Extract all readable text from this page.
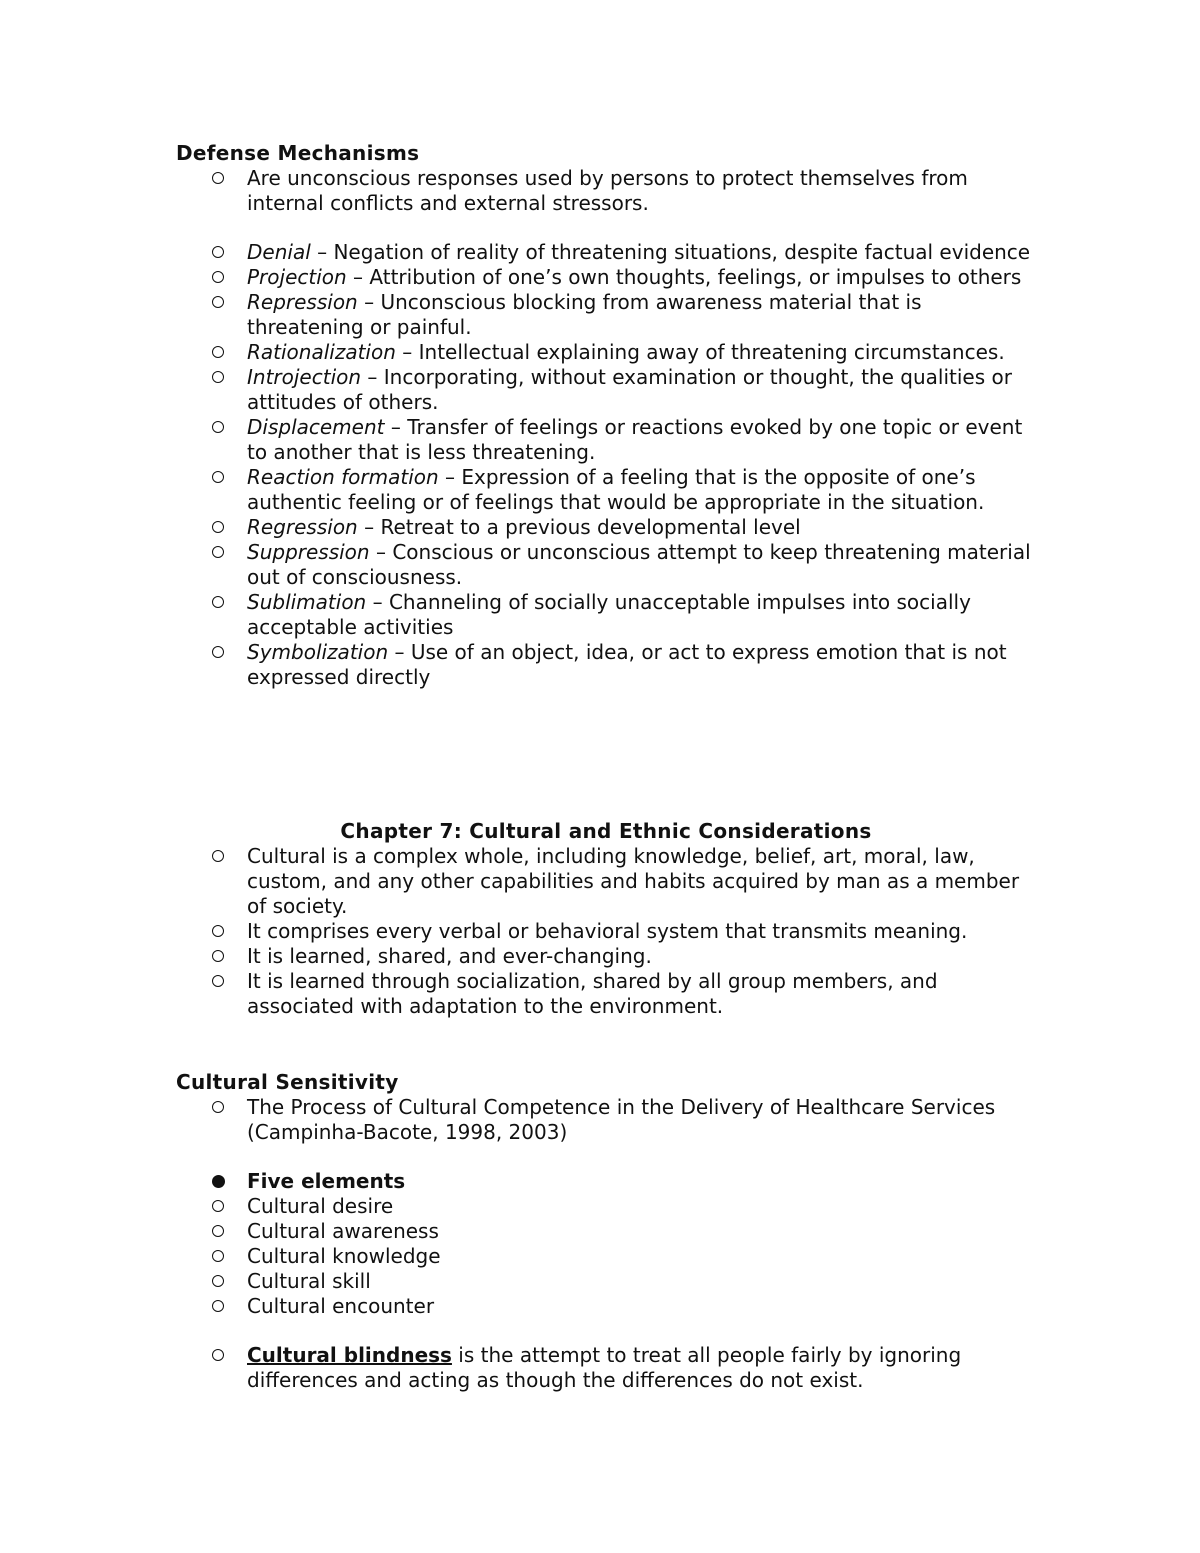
Defense Mechanisms
Are unconscious responses used by persons to protect themselves from internal conflicts and external stressors.
Denial – Negation of reality of threatening situations, despite factual evidence
Projection – Attribution of one’s own thoughts, feelings, or impulses to others
Repression – Unconscious blocking from awareness material that is threatening or painful.
Rationalization – Intellectual explaining away of threatening circumstances.
Introjection – Incorporating, without examination or thought, the qualities or attitudes of others.
Displacement – Transfer of feelings or reactions evoked by one topic or event to another that is less threatening.
Reaction formation – Expression of a feeling that is the opposite of one’s authentic feeling or of feelings that would be appropriate in the situation.
Regression – Retreat to a previous developmental level
Suppression – Conscious or unconscious attempt to keep threatening material out of consciousness.
Sublimation – Channeling of socially unacceptable impulses into socially acceptable activities
Symbolization – Use of an object, idea, or act to express emotion that is not expressed directly
Chapter 7: Cultural and Ethnic Considerations
Cultural is a complex whole, including knowledge, belief, art, moral, law, custom, and any other capabilities and habits acquired by man as a member of society.
It comprises every verbal or behavioral system that transmits meaning.
It is learned, shared, and ever-changing.
It is learned through socialization, shared by all group members, and associated with adaptation to the environment.
Cultural Sensitivity
The Process of Cultural Competence in the Delivery of Healthcare Services (Campinha-Bacote, 1998, 2003)
Five elements
Cultural desire
Cultural awareness
Cultural knowledge
Cultural skill
Cultural encounter
Cultural blindness is the attempt to treat all people fairly by ignoring differences and acting as though the differences do not exist.
